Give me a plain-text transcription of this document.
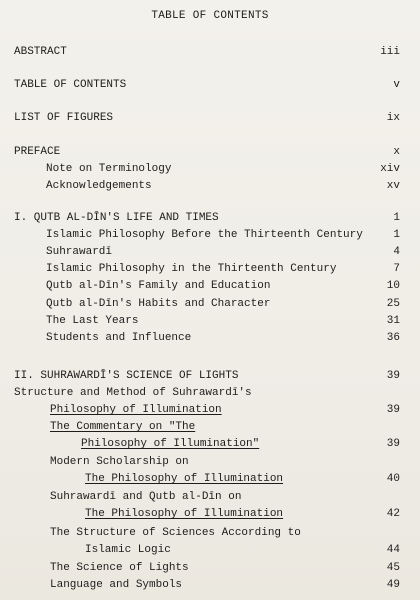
TABLE OF CONTENTS
ABSTRACT	iii
TABLE OF CONTENTS	v
LIST OF FIGURES	ix
PREFACE	x
Note on Terminology	xiv
Acknowledgements	xv
I. QUTB AL-DĪN'S LIFE AND TIMES	1
Islamic Philosophy Before the Thirteenth Century	1
Suhrawardī	4
Islamic Philosophy in the Thirteenth Century	7
Qutb al-Dīn's Family and Education	10
Qutb al-Dīn's Habits and Character	25
The Last Years	31
Students and Influence	36
II. SUHRAWARDĪ'S SCIENCE OF LIGHTS	39
Structure and Method of Suhrawardī's
Philosophy of Illumination	39
The Commentary on "The
Philosophy of Illumination"	39
Modern Scholarship on
The Philosophy of Illumination	40
Suhrawardī and Qutb al-Dīn on
The Philosophy of Illumination	42
The Structure of Sciences According to
Islamic Logic	44
The Science of Lights	45
Language and Symbols	49
